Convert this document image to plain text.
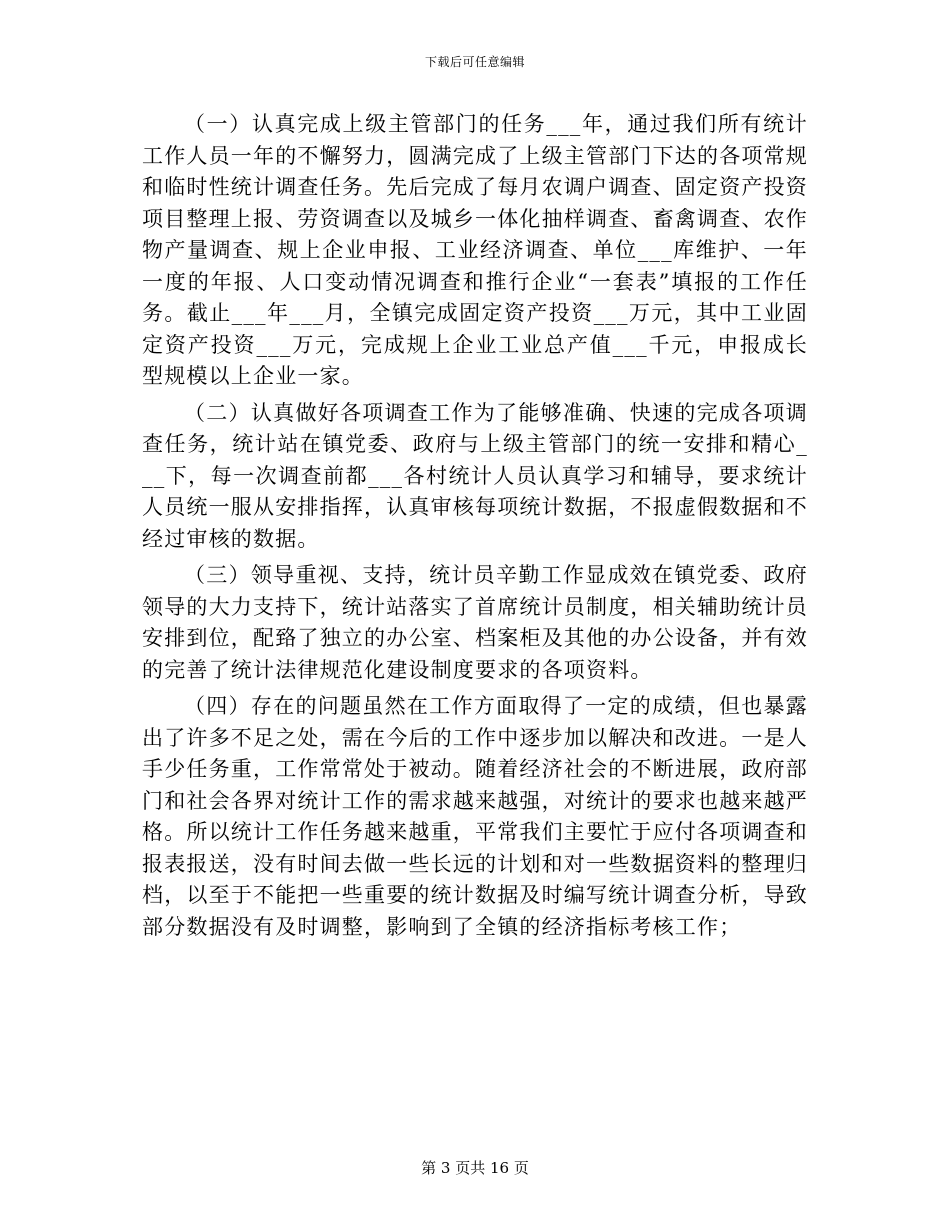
下载后可任意编辑

（一）认真完成上级主管部门的任务___年，通过我们所有统计工作人员一年的不懈努力，圆满完成了上级主管部门下达的各项常规和临时性统计调查任务。先后完成了每月农调户调查、固定资产投资项目整理上报、劳资调查以及城乡一体化抽样调查、畜禽调查、农作物产量调查、规上企业申报、工业经济调查、单位___库维护、一年一度的年报、人口变动情况调查和推行企业“一套表”填报的工作任务。截止___年___月，全镇完成固定资产投资___万元，其中工业固定资产投资___万元，完成规上企业工业总产值___千元，申报成长型规模以上企业一家。

（二）认真做好各项调查工作为了能够准确、快速的完成各项调查任务，统计站在镇党委、政府与上级主管部门的统一安排和精心___下，每一次调查前都___各村统计人员认真学习和辅导，要求统计人员统一服从安排指挥，认真审核每项统计数据，不报虚假数据和不经过审核的数据。

（三）领导重视、支持，统计员辛勤工作显成效在镇党委、政府领导的大力支持下，统计站落实了首席统计员制度，相关辅助统计员安排到位，配臵了独立的办公室、档案柜及其他的办公设备，并有效的完善了统计法律规范化建设制度要求的各项资料。

（四）存在的问题虽然在工作方面取得了一定的成绩，但也暴露出了许多不足之处，需在今后的工作中逐步加以解决和改进。一是人手少任务重，工作常常处于被动。随着经济社会的不断进展，政府部门和社会各界对统计工作的需求越来越强，对统计的要求也越来越严格。所以统计工作任务越来越重，平常我们主要忙于应付各项调查和报表报送，没有时间去做一些长远的计划和对一些数据资料的整理归档，以至于不能把一些重要的统计数据及时编写统计调查分析，导致部分数据没有及时调整，影响到了全镇的经济指标考核工作；

第 3 页共 16 页
